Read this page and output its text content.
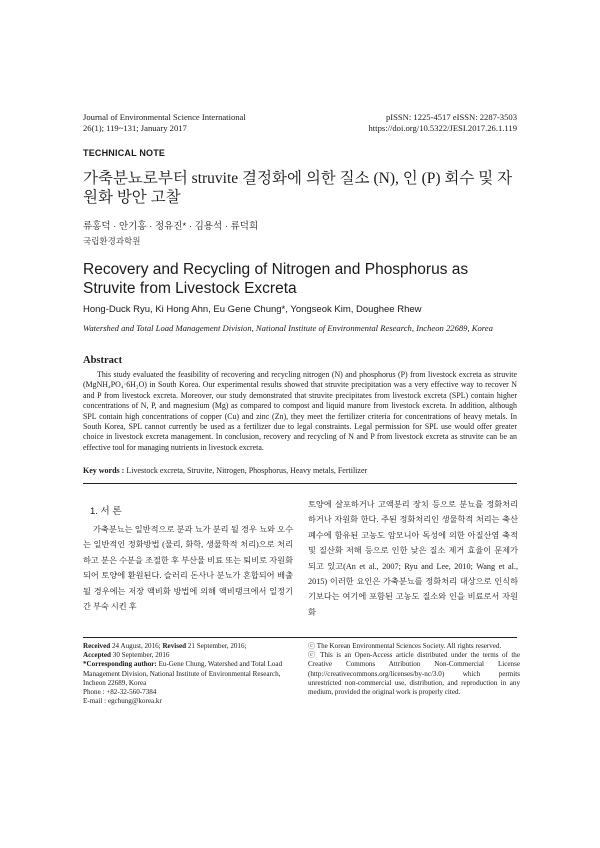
Journal of Environmental Science International
26(1); 119~131; January 2017
pISSN: 1225-4517 eISSN: 2287-3503
https://doi.org/10.5322/JESI.2017.26.1.119
TECHNICAL NOTE
가축분뇨로부터 struvite 결정화에 의한 질소 (N), 인 (P) 회수 및 자원화 방안 고찰
류홍덕 · 안기홍 · 정유진* · 김용석 · 류덕희
국립환경과학원
Recovery and Recycling of Nitrogen and Phosphorus as Struvite from Livestock Excreta
Hong-Duck Ryu, Ki Hong Ahn, Eu Gene Chung*, Yongseok Kim, Doughee Rhew
Watershed and Total Load Management Division, National Institute of Environmental Research, Incheon 22689, Korea
Abstract
This study evaluated the feasibility of recovering and recycling nitrogen (N) and phosphorus (P) from livestock excreta as struvite (MgNH₄PO₄·6H₂O) in South Korea. Our experimental results showed that struvite precipitation was a very effective way to recover N and P from livestock excreta. Moreover, our study demonstrated that struvite precipitates from livestock excreta (SPL) contain higher concentrations of N, P, and magnesium (Mg) as compared to compost and liquid manure from livestock excreta. In addition, although SPL contain high concentrations of copper (Cu) and zinc (Zn), they meet the fertilizer criteria for concentrations of heavy metals. In South Korea, SPL cannot currently be used as a fertilizer due to legal constraints. Legal permission for SPL use would offer greater choice in livestock excreta management. In conclusion, recovery and recycling of N and P from livestock excreta as struvite can be an effective tool for managing nutrients in livestock excreta.
Key words : Livestock excreta, Struvite, Nitrogen, Phosphorus, Heavy metals, Fertilizer
1. 서 론
가축분뇨는 일반적으로 분과 뇨가 분리 될 경우 뇨와 오수는 일반적인 정화방법 (물리, 화학, 생물학적 처리)으로 처리하고 분은 수분을 조절한 후 부산물 비료 또는 퇴비로 자원화 되어 토양에 환원된다. 슬러리 돈사나 분뇨가 혼합되어 배출될 경우에는 저장 액비화 방법에 의해 액비탱크에서 일정기간 부숙 시킨 후
토양에 살포하거나 고액분리 장치 등으로 분뇨를 정화처리 하거나 자원화 한다. 주된 정화처리인 생물학적 처리는 축산폐수에 함유된 고농도 암모니아 독성에 의한 아질산염 축적 및 질산화 저해 등으로 인한 낮은 질소 제거 효율이 문제가 되고 있고(An et al., 2007; Ryu and Lee, 2010; Wang et al., 2015) 이러한 요인은 가축분뇨를 정화처리 대상으로 인식하기보다는 여기에 포함된 고농도 질소와 인을 비료로서 자원화
Received 24 August, 2016; Revised 21 September, 2016;
Accepted 30 September, 2016
*Corresponding author: Eu-Gene Chung, Watershed and Total Load Management Division, National Institute of Environmental Research, Incheon 22689, Korea
Phone : +82-32-560-7384
E-mail : egchung@korea.kr
ⓒ The Korean Environmental Sciences Society. All rights reserved.
ⓒ This is an Open-Access article distributed under the terms of the Creative Commons Attribution Non-Commercial License (http://creativecommons.org/licenses/by-nc/3.0) which permits unrestricted non-commercial use, distribution, and reproduction in any medium, provided the original work is properly cited.
